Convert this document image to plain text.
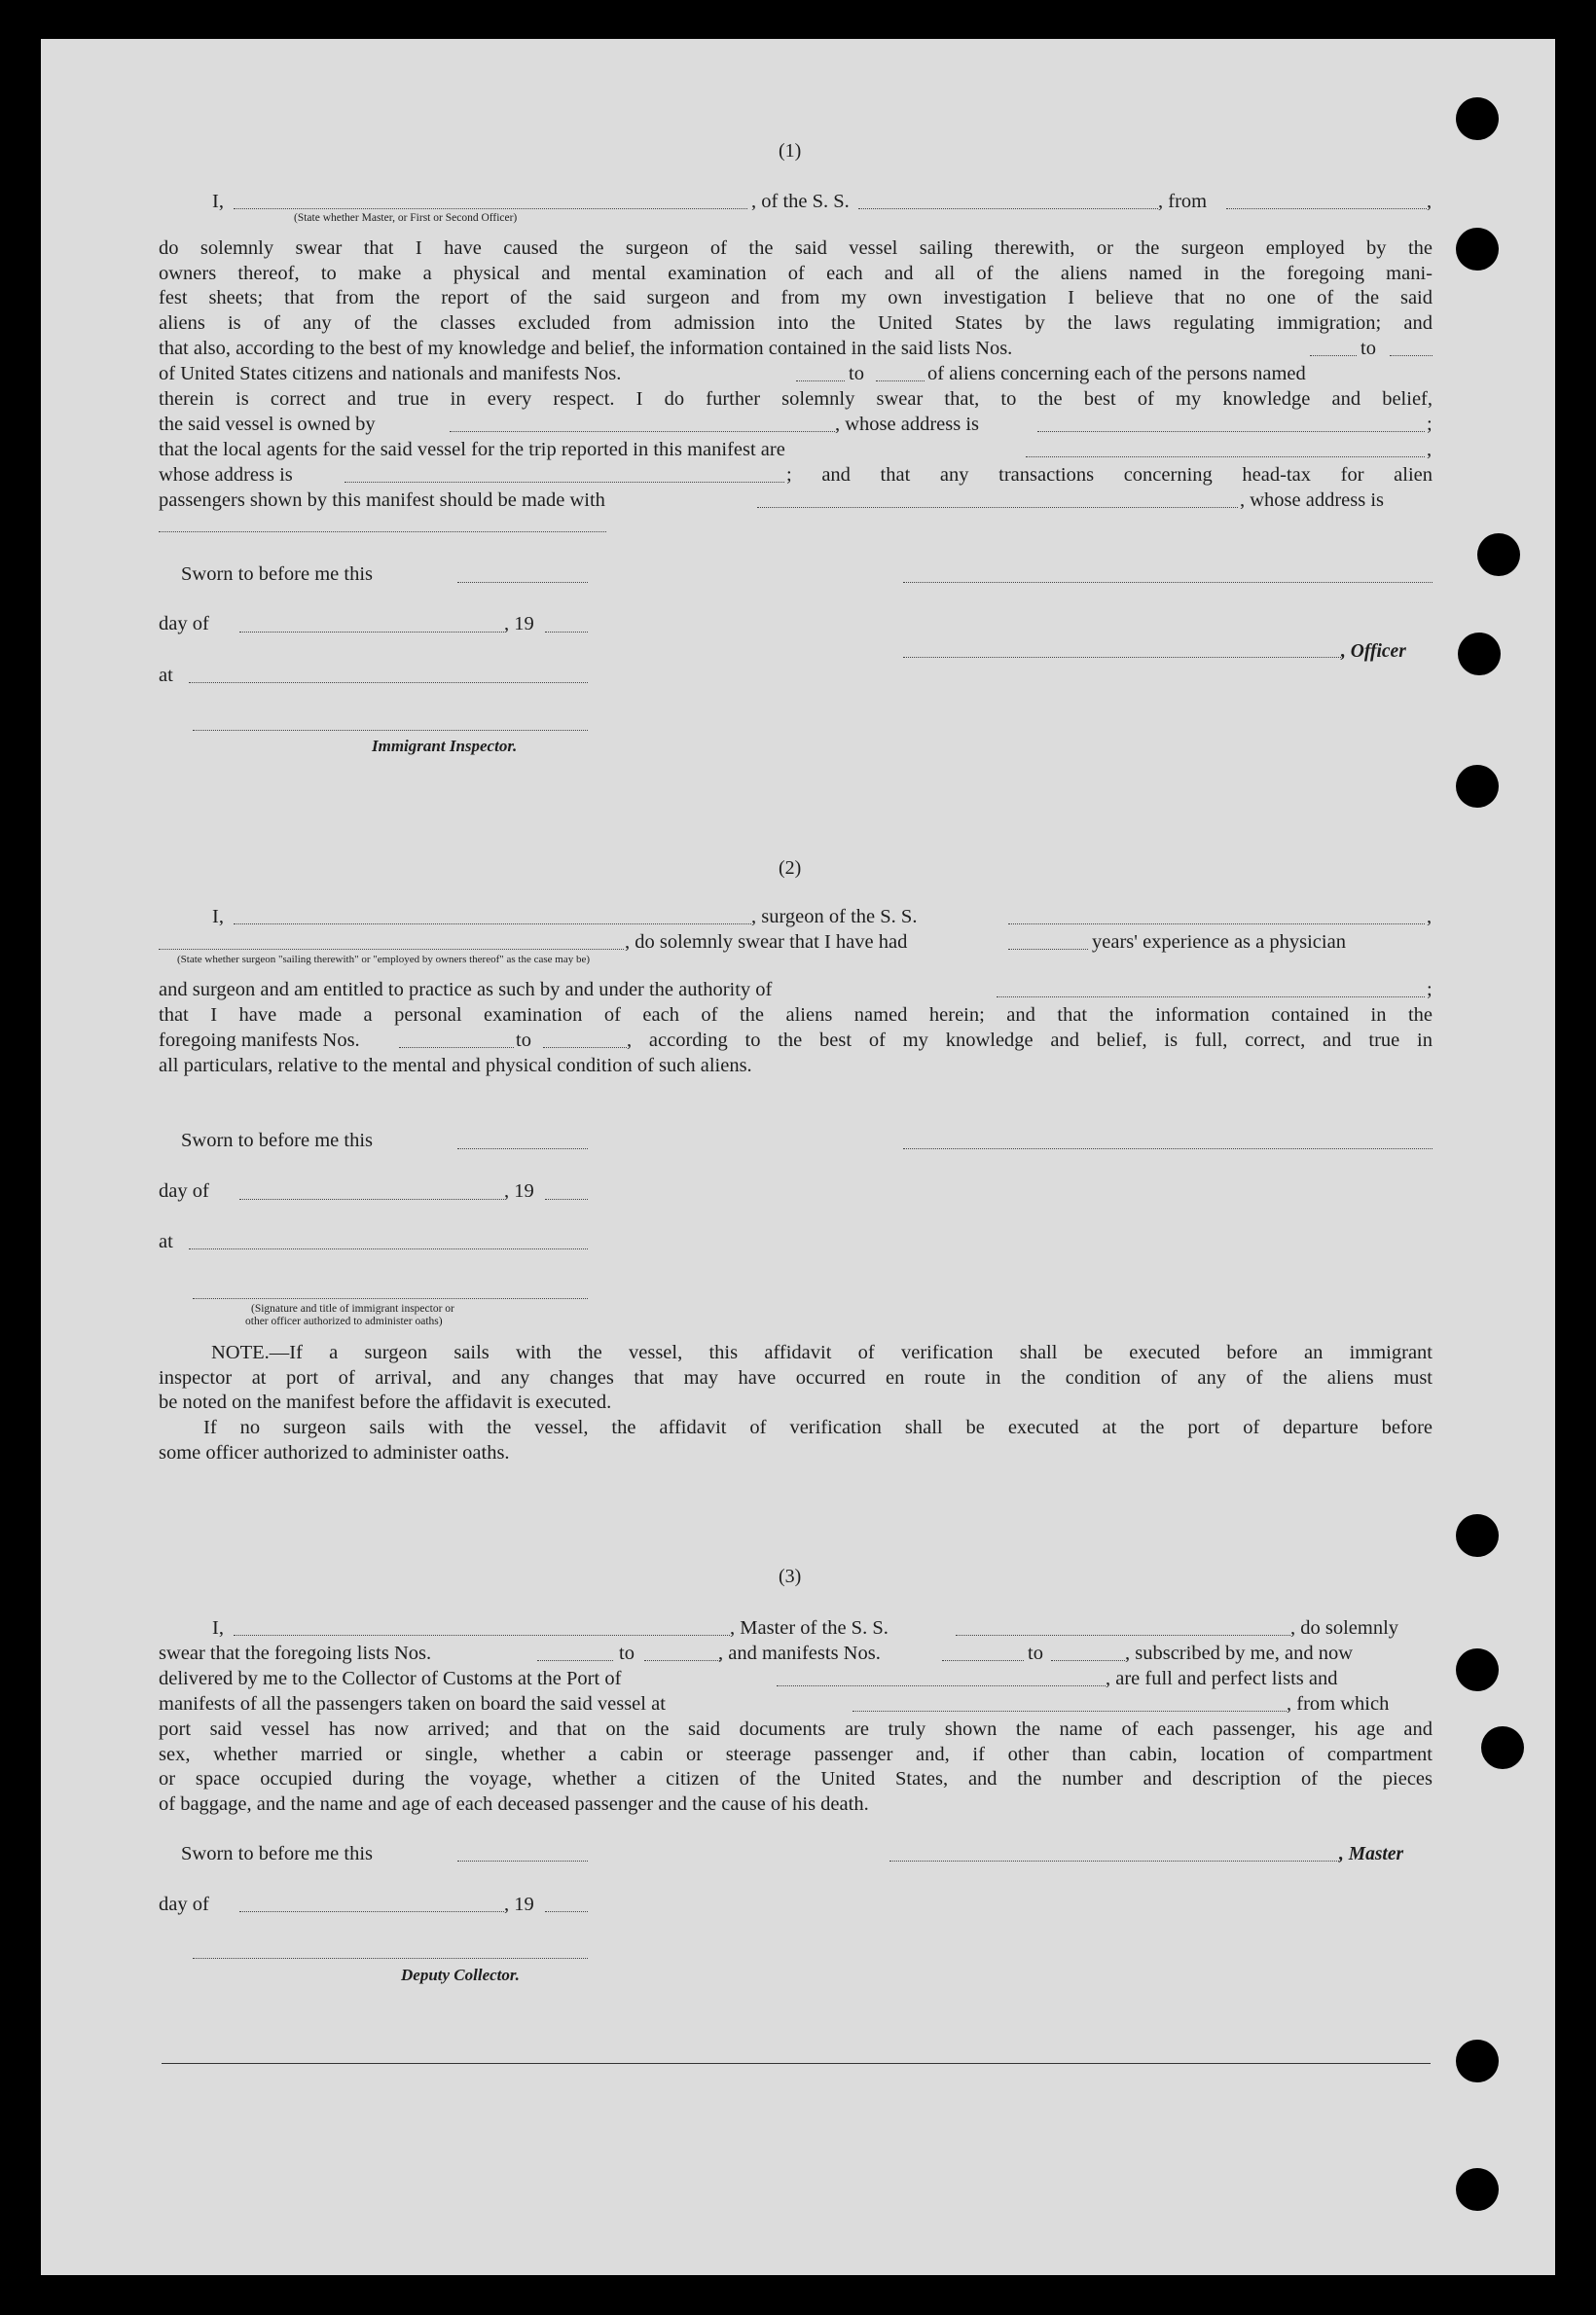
(1)
I,	, of the S. S.	, from	,
(State whether Master, or First or Second Officer)
do solemnly swear that I have caused the surgeon of the said vessel sailing therewith, or the surgeon employed by the
owners thereof, to make a physical and mental examination of each and all of the aliens named in the foregoing mani-
fest sheets; that from the report of the said surgeon and from my own investigation I believe that no one of the said
aliens is of any of the classes excluded from admission into the United States by the laws regulating immigration; and
that also, according to the best of my knowledge and belief, the information contained in the said lists Nos.	to
of United States citizens and nationals and manifests Nos.	to	of aliens concerning each of the persons named
therein is correct and true in every respect. I do further solemnly swear that, to the best of my knowledge and belief,
the said vessel is owned by	, whose address is	;
that the local agents for the said vessel for the trip reported in this manifest are	,
whose address is	; and that any transactions concerning head-tax for alien
passengers shown by this manifest should be made with	, whose address is
Sworn to before me this
day of	, 19
, Officer
at
Immigrant Inspector.
(2)
I,	, surgeon of the S. S.	,
, do solemnly swear that I have had	years' experience as a physician
(State whether surgeon "sailing therewith" or "employed by owners thereof" as the case may be)
and surgeon and am entitled to practice as such by and under the authority of	;
that I have made a personal examination of each of the aliens named herein; and that the information contained in the
foregoing manifests Nos.	to	, according to the best of my knowledge and belief, is full, correct, and true in
all particulars, relative to the mental and physical condition of such aliens.
Sworn to before me this
day of	, 19
at
(Signature and title of immigrant inspector or
other officer authorized to administer oaths)
NOTE.—If a surgeon sails with the vessel, this affidavit of verification shall be executed before an immigrant
inspector at port of arrival, and any changes that may have occurred en route in the condition of any of the aliens must
be noted on the manifest before the affidavit is executed.
If no surgeon sails with the vessel, the affidavit of verification shall be executed at the port of departure before
some officer authorized to administer oaths.
(3)
I,	, Master of the S. S.	, do solemnly
swear that the foregoing lists Nos.	to	, and manifests Nos.	to	, subscribed by me, and now
delivered by me to the Collector of Customs at the Port of	, are full and perfect lists and
manifests of all the passengers taken on board the said vessel at	, from which
port said vessel has now arrived; and that on the said documents are truly shown the name of each passenger, his age and
sex, whether married or single, whether a cabin or steerage passenger and, if other than cabin, location of compartment
or space occupied during the voyage, whether a citizen of the United States, and the number and description of the pieces
of baggage, and the name and age of each deceased passenger and the cause of his death.
Sworn to before me this	, Master
day of	, 19
Deputy Collector.
